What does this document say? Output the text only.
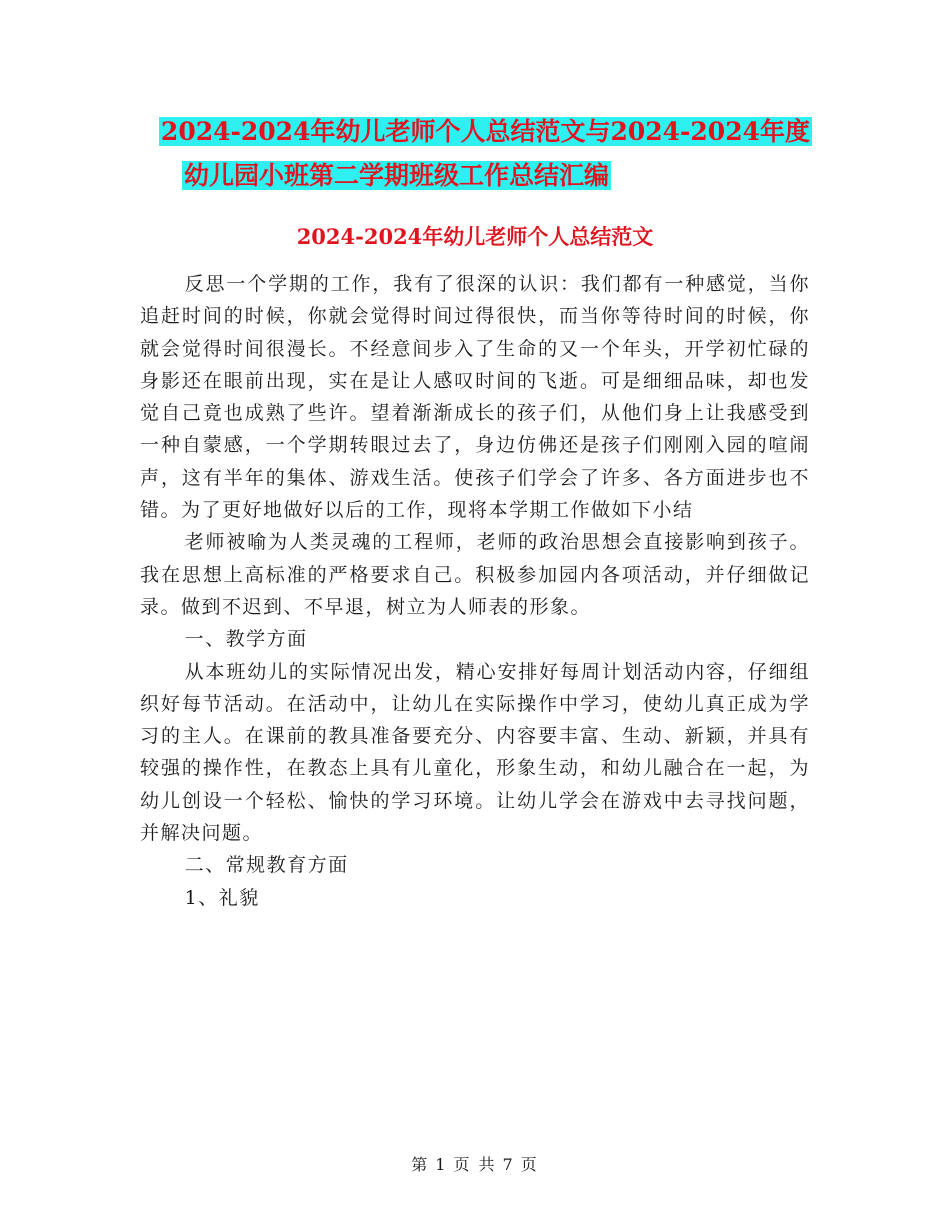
2024-2024年幼儿老师个人总结范文与2024-2024年度
幼儿园小班第二学期班级工作总结汇编
2024-2024年幼儿老师个人总结范文

反思一个学期的工作，我有了很深的认识：我们都有一种感觉，当你追赶时间的时候，你就会觉得时间过得很快，而当你等待时间的时候，你就会觉得时间很漫长。不经意间步入了生命的又一个年头，开学初忙碌的身影还在眼前出现，实在是让人感叹时间的飞逝。可是细细品味，却也发觉自己竟也成熟了些许。望着渐渐成长的孩子们，从他们身上让我感受到一种自蒙感，一个学期转眼过去了，身边仿佛还是孩子们刚刚入园的喧闹声，这有半年的集体、游戏生活。使孩子们学会了许多、各方面进步也不错。为了更好地做好以后的工作，现将本学期工作做如下小结

老师被喻为人类灵魂的工程师，老师的政治思想会直接影响到孩子。我在思想上高标准的严格要求自己。积极参加园内各项活动，并仔细做记录。做到不迟到、不早退，树立为人师表的形象。

一、教学方面

从本班幼儿的实际情况出发，精心安排好每周计划活动内容，仔细组织好每节活动。在活动中，让幼儿在实际操作中学习，使幼儿真正成为学习的主人。在课前的教具准备要充分、内容要丰富、生动、新颖，并具有较强的操作性，在教态上具有儿童化，形象生动，和幼儿融合在一起，为幼儿创设一个轻松、愉快的学习环境。让幼儿学会在游戏中去寻找问题，并解决问题。

二、常规教育方面

1、礼貌

第 1 页 共 7 页
